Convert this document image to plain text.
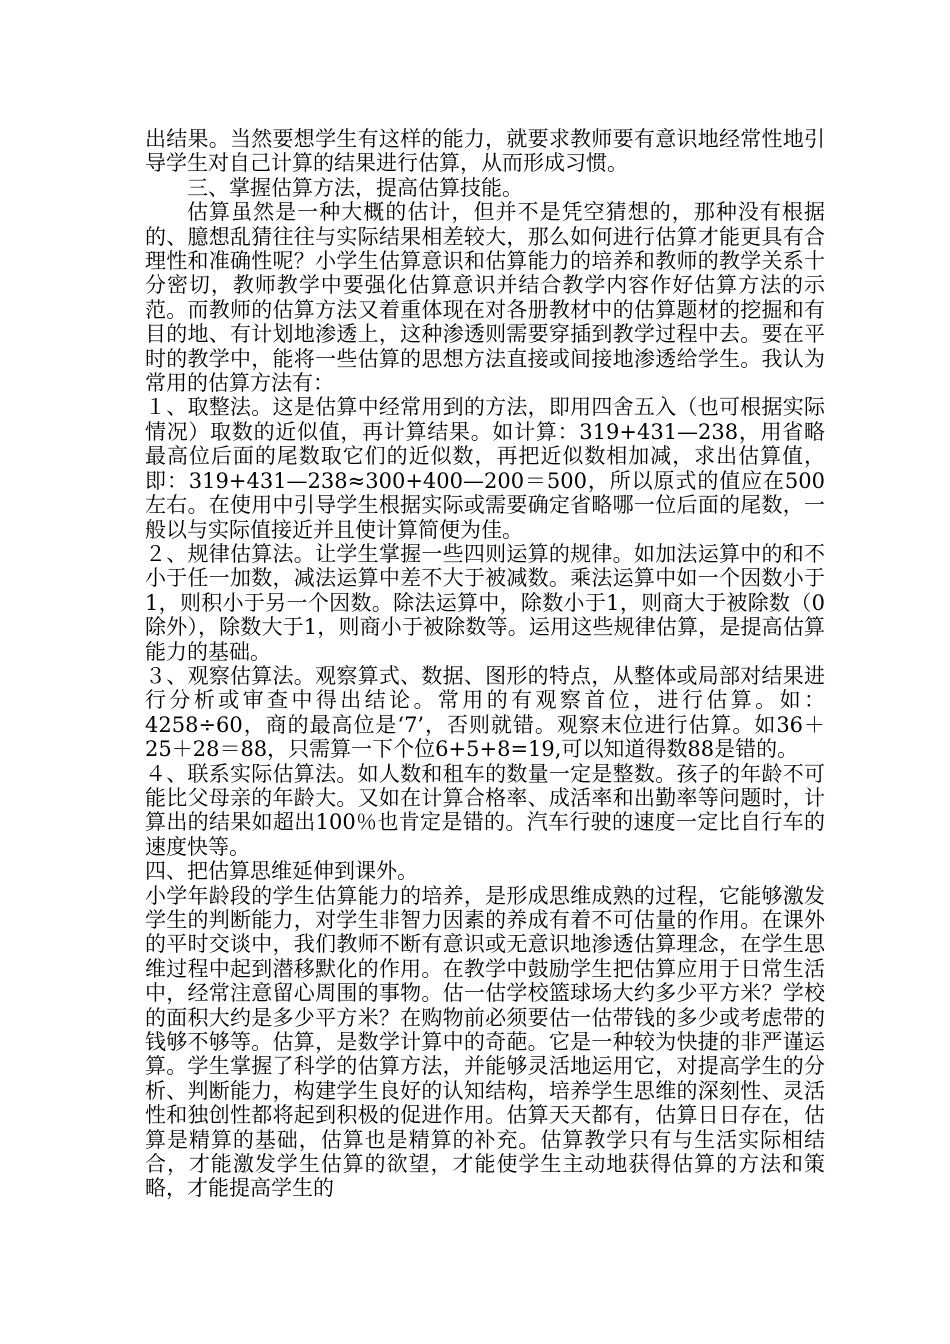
出结果。当然要想学生有这样的能力，就要求教师要有意识地经常性地引导学生对自己计算的结果进行估算，从而形成习惯。

三、掌握估算方法，提高估算技能。

估算虽然是一种大概的估计，但并不是凭空猜想的，那种没有根据的、臆想乱猜往往与实际结果相差较大，那么如何进行估算才能更具有合理性和准确性呢？小学生估算意识和估算能力的培养和教师的教学关系十分密切，教师教学中要强化估算意识并结合教学内容作好估算方法的示范。而教师的估算方法又着重体现在对各册教材中的估算题材的挖掘和有目的地、有计划地渗透上，这种渗透则需要穿插到教学过程中去。要在平时的教学中，能将一些估算的思想方法直接或间接地渗透给学生。我认为常用的估算方法有：

１、取整法。这是估算中经常用到的方法，即用四舍五入（也可根据实际情况）取数的近似值，再计算结果。如计算：319+431—238，用省略最高位后面的尾数取它们的近似数，再把近似数相加减，求出估算值，即：319+431—238≈300+400—200＝500，所以原式的值应在500左右。在使用中引导学生根据实际或需要确定省略哪一位后面的尾数，一般以与实际值接近并且使计算简便为佳。

２、规律估算法。让学生掌握一些四则运算的规律。如加法运算中的和不小于任一加数，减法运算中差不大于被减数。乘法运算中如一个因数小于1，则积小于另一个因数。除法运算中，除数小于1，则商大于被除数（0除外），除数大于1，则商小于被除数等。运用这些规律估算，是提高估算能力的基础。

３、观察估算法。观察算式、数据、图形的特点，从整体或局部对结果进行分析或审查中得出结论。常用的有观察首位，进行估算。如：4258÷60，商的最高位是‘7’，否则就错。观察末位进行估算。如36＋25＋28＝88，只需算一下个位6+5+8=19,可以知道得数88是错的。

４、联系实际估算法。如人数和租车的数量一定是整数。孩子的年龄不可能比父母亲的年龄大。又如在计算合格率、成活率和出勤率等问题时，计算出的结果如超出100％也肯定是错的。汽车行驶的速度一定比自行车的速度快等。

四、把估算思维延伸到课外。

小学年龄段的学生估算能力的培养，是形成思维成熟的过程，它能够激发学生的判断能力，对学生非智力因素的养成有着不可估量的作用。在课外的平时交谈中，我们教师不断有意识或无意识地渗透估算理念，在学生思维过程中起到潜移默化的作用。在教学中鼓励学生把估算应用于日常生活中，经常注意留心周围的事物。估一估学校篮球场大约多少平方米？学校的面积大约是多少平方米？在购物前必须要估一估带钱的多少或考虑带的钱够不够等。估算，是数学计算中的奇葩。它是一种较为快捷的非严谨运算。学生掌握了科学的估算方法，并能够灵活地运用它，对提高学生的分析、判断能力，构建学生良好的认知结构，培养学生思维的深刻性、灵活性和独创性都将起到积极的促进作用。估算天天都有，估算日日存在，估算是精算的基础，估算也是精算的补充。估算教学只有与生活实际相结合，才能激发学生估算的欲望，才能使学生主动地获得估算的方法和策略，才能提高学生的
